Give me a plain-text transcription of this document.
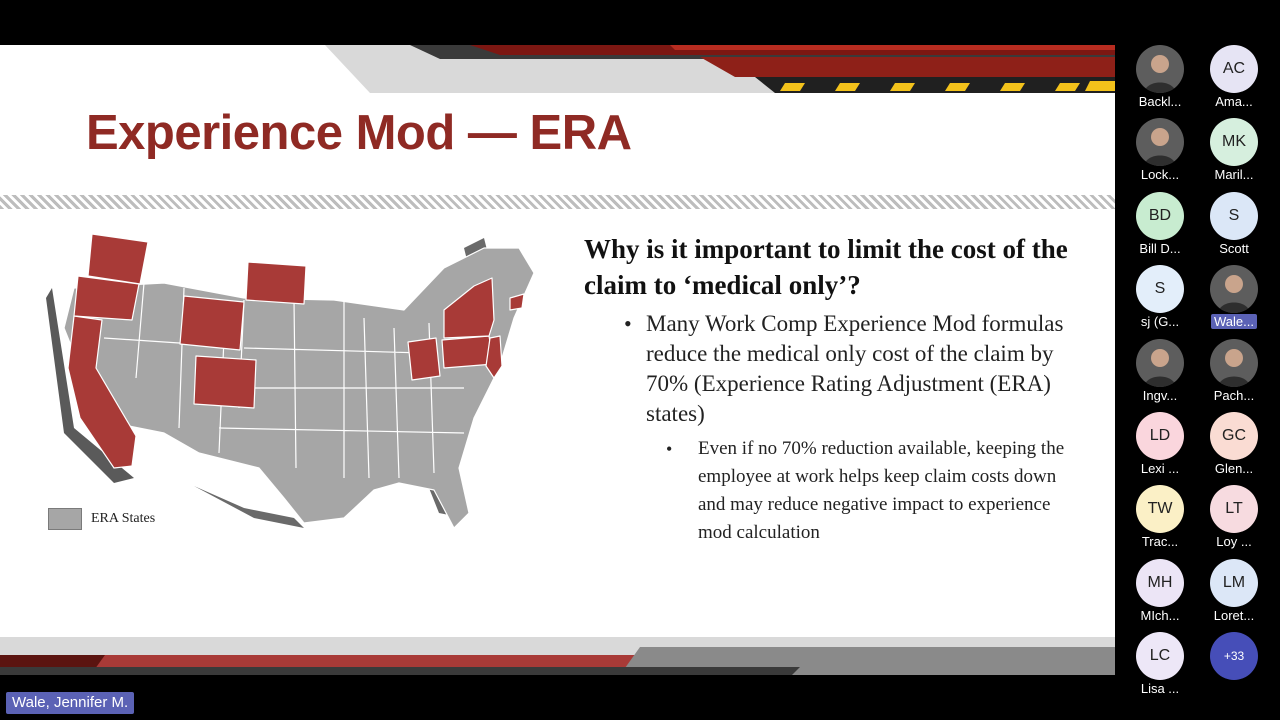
Experience Mod — ERA
ERA States

Why is it important to limit the cost of the claim to ‘medical only’?

• Many Work Comp Experience Mod formulas reduce the medical only cost of the claim by 70% (Experience Rating Adjustment (ERA) states)
• Even if no 70% reduction available, keeping the employee at work helps keep claim costs down and may reduce negative impact to experience mod calculation
Backl...
AC
Ama...
Lock...
MK
Maril...
BD
Bill D...
S
Scott
S
sj (G...	Wale...
Ingv...	Pach...
LD
Lexi ...
GC
Glen...
TW
Trac...
LT
Loy ...
MH
MIch...
LM
Loret...
LC
Lisa ...
+33
Wale, Jennifer M.
